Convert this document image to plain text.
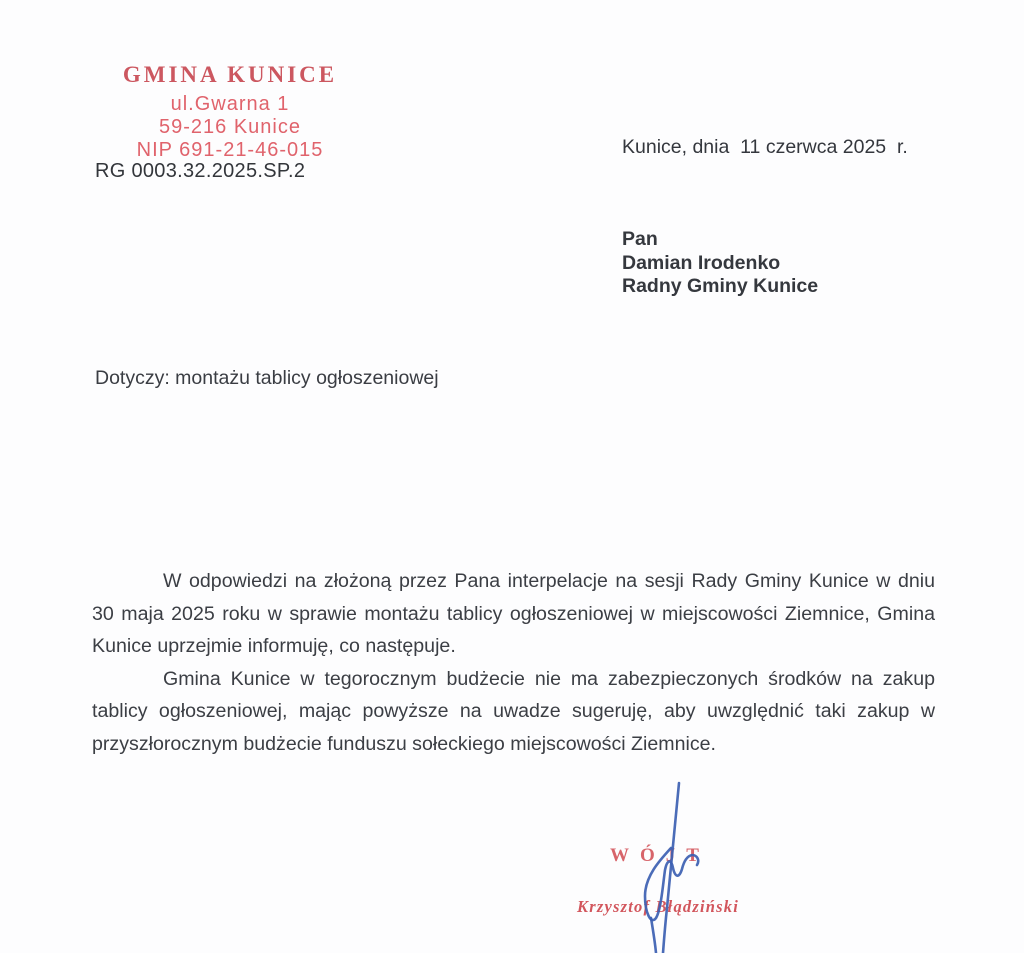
GMINA KUNICE
ul.Gwarna 1
59-216 Kunice
NIP 691-21-46-015
RG 0003.32.2025.SP.2
Kunice, dnia  11 czerwca 2025  r.
Pan
Damian Irodenko
Radny Gminy Kunice
Dotyczy: montażu tablicy ogłoszeniowej

W odpowiedzi na złożoną przez Pana interpelacje na sesji Rady Gminy Kunice w dniu 30 maja 2025 roku w sprawie montażu tablicy ogłoszeniowej w miejscowości Ziemnice, Gmina Kunice uprzejmie informuję, co następuje.

Gmina Kunice w tegorocznym budżecie nie ma zabezpieczonych środków na zakup tablicy ogłoszeniowej, mając powyższe na uwadze sugeruję, aby uwzględnić taki zakup w przyszłorocznym budżecie funduszu sołeckiego miejscowości Ziemnice.

WÓJT
Krzysztof Błądziński
